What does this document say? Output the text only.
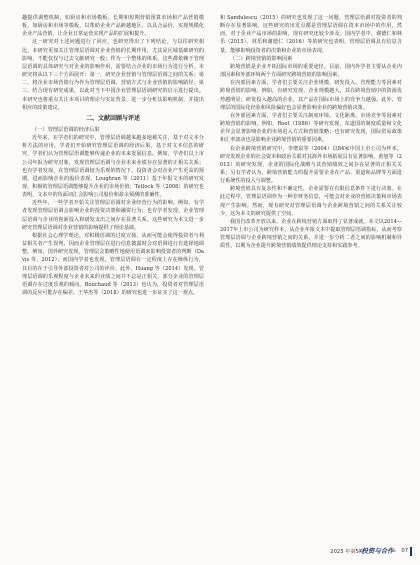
趣提供调整机制，如厨房和市场模板、长期和短期营销预算市场和产品营销模板，如厨房和市场等模板，以帮助企业产品跨越地区，以具合品价，实现规模化企业产品营销，让企业日常运营实现产品的扩展和提升。

这一研究对上述问题进行了回应，也研究得出了下列结论。与以往研究相比，本研究更加关注管理层语调对企业营销的长期作用，尤其是区域基础研究的影响，不能仅仅与过去文献研究一般；作为一个整体的体系，这些都依赖于管理层语调的具体研究与对企业的影响作用，需要结合企业的市场行为进行分析。本研究将从以下三个方面展开：第一，研究企业营销与管理层语调之间的关系；第二，将企业市场营销行为作为管理层语调、营销方式与企业营销的影响路径；第三，结合现有研究成果，以此对当下中国企业管理层语调研究的启示进行提出。本研究也将重点关注本项目的理论与实证背景，进一步分析其影响机制，并提出相应的政策建议。

二、文献回顾与评述
（一）管理层语调的经济后果

近年来，在学者们的研究中，管理层语调越来越多地被关注，基于对文本分析方法的应用，学者们开始研究管理层语调的经济后果。基于对文本信息的研究，学者们认为管理层语调能够传递企业的未来发展信息。例如，学者们以上市公司年报为研究对象，发现管理层语调与企业未来业绩存在显著的正相关关系；也有学者发现，在管理层语调较为乐观的情况下，投资者会对企业产生更高的预期，进而影响企业的股价表现。Loughran 等（2011）基于年报文本的研究发现，积极的管理层语调能够提升企业的市场价值；Tetlock 等（2008）的研究也表明，文本中的负面词汇会影响公司股价和盈余预测的准确性。

近些年，一些学者开始关注管理层语调对企业经营行为的影响。例如，有学者发现管理层语调会影响企业的投资决策和融资行为；也有学者发现，企业管理层语调与企业的创新投入和研发支出之间存在显著关系。这些研究为本文进一步研究管理层语调对企业营销的影响提供了理论基础。

根据社会心理学理论，对积极语调的过度宣扬，从而可能会使得投资者与利益相关者产生误判，因而企业管理层在进行信息披露时会对语调进行有选择地调整。例如，国外研究发现，管理层会策略性地使用语调来影响投资者的判断（Davis 等，2012）；而国内学者也发现，管理层语调在一定程度上存在操纵行为，其目的在于引导外部投资者对公司的评价。此外，Huang 等（2014）发现，管理层语调的乐观程度与企业未来的业绩之间并不总是正相关，部分企业的管理层语调存在过度乐观的倾向。Bouchaud 等（2013）也认为，投资者对管理层语调的反应可能存在偏差。王华杰等（2018）的研究也进一步证实了这一观点。

和 Sandulescu（2015）的研究也发现了这一问题，管理层语调对投资者的判断存在显著影响。这些研究的出发点都是管理层语调在资本市场中的作用，然而，对于企业产品市场的影响，现有研究还较少涉及。国内学者中，谢德仁和林乐（2015）、林乐和谢德仁（2016）等的研究也表明，管理层语调具有信息含量，能够影响投资者的决策和企业的市场表现。

（二）跨境营销的影响因素

跨境营销是企业开拓国际市场的重要途径。目前，国内外学者主要从企业内部因素和外部环境两个方面研究跨境营销的影响因素。

在内部因素方面，学者们主要关注企业规模、研发投入、管理能力等因素对跨境营销的影响。例如，有研究发现，企业规模越大，其在跨境营销中的资源优势越明显；研发投入越高的企业，其产品在国际市场上的竞争力越强。此外，管理层的国际化经验和风险偏好也会显著影响企业的跨境营销决策。

在外部因素方面，学者们主要关注制度环境、文化距离、市场竞争等因素对跨境营销的影响。例如，Root（1986）等研究发现，东道国的制度质量和文化差异会显著影响企业的市场进入方式和营销策略；也有研究发现，国际贸易政策和汇率波动也是影响企业跨境营销的重要因素。

在企业跨境营销研究中，李增泉等（2004）以84家中国上市公司为样本，研究发现企业的社会资本和政治关联对其海外市场拓展具有显著影响。黄旭等（2013）的研究发现，企业的国际化战略与其营销绩效之间存在显著的正相关关系；另有学者认为，跨境营销能力的提升需要企业在产品、渠道和品牌等方面进行系统性的投入与调整。

跨境营销具有复杂性和不确定性，企业需要在有限信息条件下进行决策。在此过程中，管理层语调作为一种非财务信息，可能会对企业的营销决策和市场表现产生影响。然而，现有研究对管理层语调与企业跨境营销之间的关系关注较少，这为本文的研究提供了空间。

我国自改革开放以来，企业在跨境营销方面取得了显著成就。本文以2014—2017年上市公司为研究样本，从企业年报文本中提取管理层语调指标，从而考察管理层语调与企业跨境营销之间的关系，并进一步分析二者之间的影响机制和异质性，以期为企业提升跨境营销绩效提供理论支持和实践参考。

2023 年第5期
·投资与合作· 07
